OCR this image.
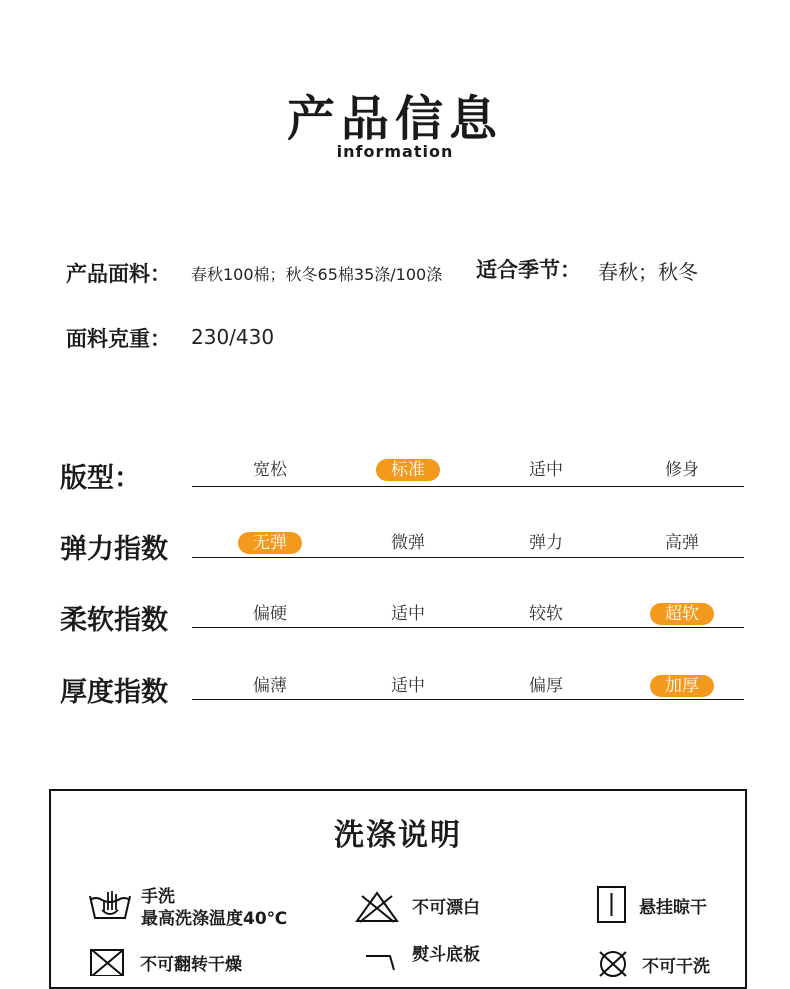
产品信息
information
产品面料： 春秋100棉；秋冬65棉35涤/100涤 适合季节： 春秋；秋冬
面料克重： 230/430
版型：	宽松	标准	适中	修身
弹力指数	无弹	微弹	弹力	高弹
柔软指数	偏硬	适中	较软	超软
厚度指数	偏薄	适中	偏厚	加厚
洗涤说明
手洗
最高洗涤温度40℃
不可漂白	悬挂晾干
不可翻转干燥	熨斗底板
不可干洗
